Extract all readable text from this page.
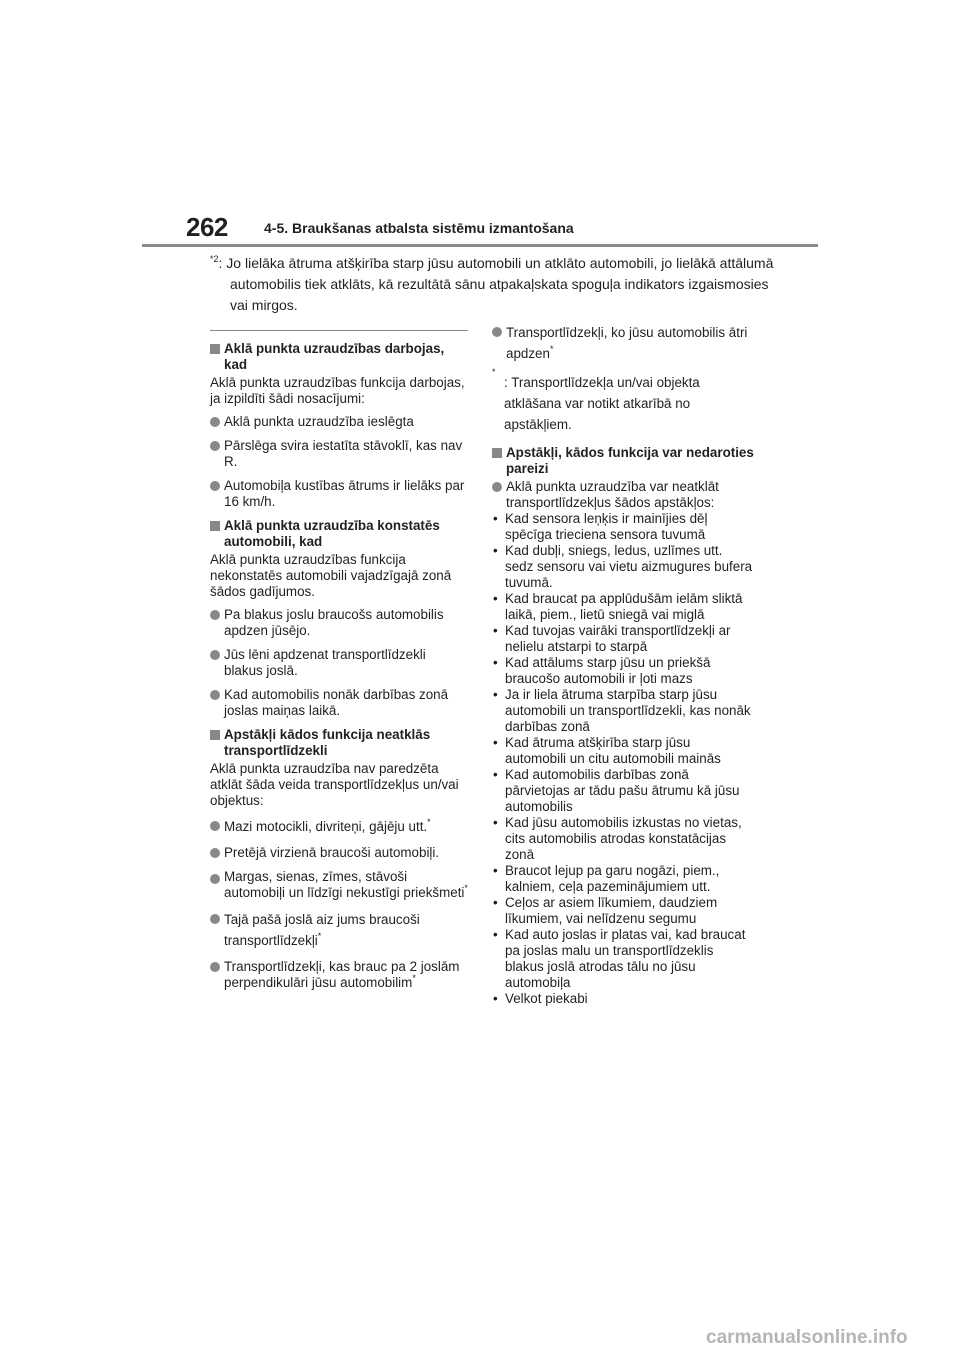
262	4-5. Braukšanas atbalsta sistēmu izmantošana
$^{*2}$: Jo lielāka ātruma atšķirība starp jūsu automobili un atklāto automobili, jo lielākā attālumā automobilis tiek atklāts, kā rezultātā sānu atpakaļskata spoguļa indikators izgaismosies vai mirgos.
Aklā punkta uzraudzības darbojas, kad

Aklā punkta uzraudzības funkcija darbojas, ja izpildīti šādi nosacījumi:

Aklā punkta uzraudzība ieslēgta
Pārslēga svira iestatīta stāvoklī, kas nav R.
Automobiļa kustības ātrums ir lielāks par 16 km/h.
Aklā punkta uzraudzība konstatēs automobili, kad

Aklā punkta uzraudzības funkcija nekonstatēs automobili vajadzīgajā zonā šādos gadījumos.

Pa blakus joslu braucošs automobilis apdzen jūsējo.
Jūs lēni apdzenat transportlīdzekli blakus joslā.
Kad automobilis nonāk darbības zonā joslas maiņas laikā.
Apstākļi kādos funkcija neatklās transportlīdzekli

Aklā punkta uzraudzība nav paredzēta atklāt šāda veida transportlīdzekļus un/vai objektus:

Mazi motocikli, divriteņi, gājēju utt.*
Pretējā virzienā braucoši automobiļi.
Margas, sienas, zīmes, stāvoši automobiļi un līdzīgi nekustīgi priekšmeti*
Tajā pašā joslā aiz jums braucoši transportlīdzekļi*
Transportlīdzekļi, kas brauc pa 2 joslām perpendikulāri jūsu automobilim*
Transportlīdzekļi, ko jūsu automobilis ātri apdzen*
*
: Transportlīdzekļa un/vai objekta atklāšana var notikt atkarībā no apstākļiem.
Apstākļi, kādos funkcija var nedaroties pareizi
Aklā punkta uzraudzība var neatklāt transportlīdzekļus šādos apstākļos:
• Kad sensora leņķis ir mainījies dēļ spēcīga trieciena sensora tuvumā
• Kad dubļi, sniegs, ledus, uzlīmes utt. sedz sensoru vai vietu aizmugures bufera tuvumā.
• Kad braucat pa applūdušām ielām sliktā laikā, piem., lietū sniegā vai miglā
• Kad tuvojas vairāki transportlīdzekļi ar nelielu atstarpi to starpā
• Kad attālums starp jūsu un priekšā braucošo automobili ir ļoti mazs
• Ja ir liela ātruma starpība starp jūsu automobili un transportlīdzekli, kas nonāk darbības zonā
• Kad ātruma atšķirība starp jūsu automobili un citu automobili mainās
• Kad automobilis darbības zonā pārvietojas ar tādu pašu ātrumu kā jūsu automobilis
• Kad jūsu automobilis izkustas no vietas, cits automobilis atrodas konstatācijas zonā
• Braucot lejup pa garu nogāzi, piem., kalniem, ceļa pazeminājumiem utt.
• Ceļos ar asiem līkumiem, daudziem līkumiem, vai nelīdzenu segumu
• Kad auto joslas ir platas vai, kad braucat pa joslas malu un transportlīdzeklis blakus joslā atrodas tālu no jūsu automobiļa
• Velkot piekabi
carmanualsonline.info
